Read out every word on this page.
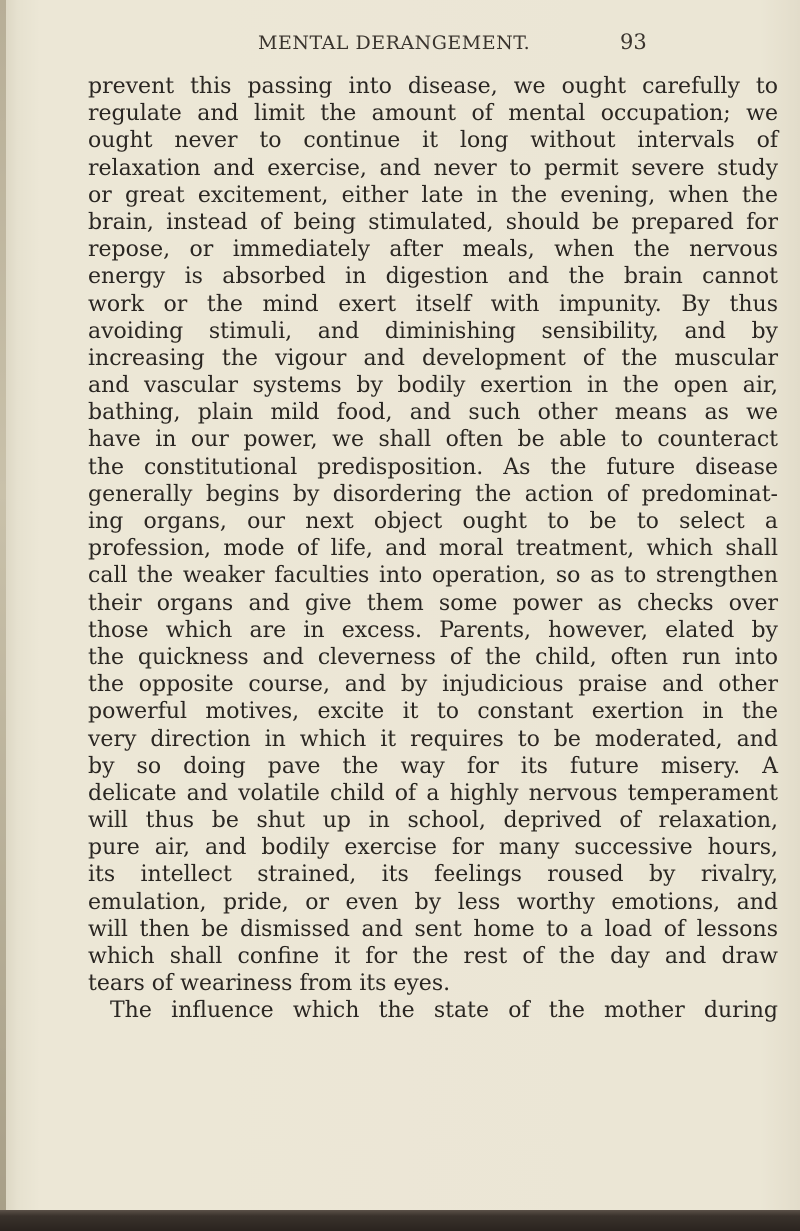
MENTAL DERANGEMENT.	93
prevent this passing into disease, we ought carefully to
regulate and limit the amount of mental occupation; we
ought never to continue it long without intervals of
relaxation and exercise, and never to permit severe study
or great excitement, either late in the evening, when the
brain, instead of being stimulated, should be prepared for
repose, or immediately after meals, when the nervous
energy is absorbed in digestion and the brain cannot
work or the mind exert itself with impunity. By thus
avoiding stimuli, and diminishing sensibility, and by
increasing the vigour and development of the muscular
and vascular systems by bodily exertion in the open air,
bathing, plain mild food, and such other means as we
have in our power, we shall often be able to counteract
the constitutional predisposition. As the future disease
generally begins by disordering the action of predominat-
ing organs, our next object ought to be to select a
profession, mode of life, and moral treatment, which shall
call the weaker faculties into operation, so as to strengthen
their organs and give them some power as checks over
those which are in excess. Parents, however, elated by
the quickness and cleverness of the child, often run into
the opposite course, and by injudicious praise and other
powerful motives, excite it to constant exertion in the
very direction in which it requires to be moderated, and
by so doing pave the way for its future misery. A
delicate and volatile child of a highly nervous temperament
will thus be shut up in school, deprived of relaxation,
pure air, and bodily exercise for many successive hours,
its intellect strained, its feelings roused by rivalry,
emulation, pride, or even by less worthy emotions, and
will then be dismissed and sent home to a load of lessons
which shall confine it for the rest of the day and draw
tears of weariness from its eyes.
The influence which the state of the mother during
